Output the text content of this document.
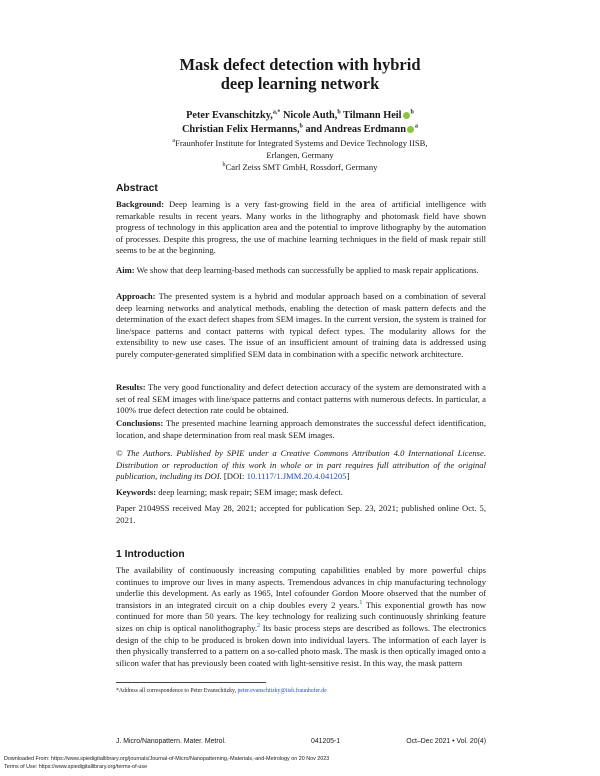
Mask defect detection with hybrid
deep learning network
Peter Evanschitzky,$^{a,*}$ Nicole Auth,$^b$ Tilmann Heil $^b$
Christian Felix Hermanns,$^b$ and Andreas Erdmann $^a$
$^a$Fraunhofer Institute for Integrated Systems and Device Technology IISB,
Erlangen, Germany
$^b$Carl Zeiss SMT GmbH, Rossdorf, Germany
Abstract
Background: Deep learning is a very fast-growing field in the area of artificial intelligence with remarkable results in recent years. Many works in the lithography and photomask field have shown progress of technology in this application area and the potential to improve lithography by the automation of processes. Despite this progress, the use of machine learning techniques in the field of mask repair still seems to be at the beginning.
Aim: We show that deep learning-based methods can successfully be applied to mask repair applications.
Approach: The presented system is a hybrid and modular approach based on a combination of several deep learning networks and analytical methods, enabling the detection of mask pattern defects and the determination of the exact defect shapes from SEM images. In the current version, the system is trained for line/space patterns and contact patterns with typical defect types. The modularity allows for the extensibility to new use cases. The issue of an insufficient amount of training data is addressed using purely computer-generated simplified SEM data in combination with a specific network architecture.
Results: The very good functionality and defect detection accuracy of the system are demonstrated with a set of real SEM images with line/space patterns and contact patterns with numerous defects. In particular, a 100% true defect detection rate could be obtained.
Conclusions: The presented machine learning approach demonstrates the successful defect identification, location, and shape determination from real mask SEM images.
© The Authors. Published by SPIE under a Creative Commons Attribution 4.0 International License. Distribution or reproduction of this work in whole or in part requires full attribution of the original publication, including its DOI. [DOI: 10.1117/1.JMM.20.4.041205]
Keywords: deep learning; mask repair; SEM image; mask defect.
Paper 21049SS received May 28, 2021; accepted for publication Sep. 23, 2021; published online Oct. 5, 2021.
1 Introduction
The availability of continuously increasing computing capabilities enabled by more powerful chips continues to improve our lives in many aspects. Tremendous advances in chip manufacturing technology underlie this development. As early as 1965, Intel cofounder Gordon Moore observed that the number of transistors in an integrated circuit on a chip doubles every 2 years.$^1$ This exponential growth has now continued for more than 50 years. The key technology for realizing such continuously shrinking feature sizes on chip is optical nanolithography.$^2$ Its basic process steps are described as follows. The electronics design of the chip to be produced is broken down into individual layers. The information of each layer is then physically transferred to a pattern on a so-called photo mask. The mask is then optically imaged onto a silicon wafer that has previously been coated with light-sensitive resist. In this way, the mask pattern
*Address all correspondence to Peter Evanschitzky, peter.evanschitzky@iisb.fraunhofer.de
J. Micro/Nanopattern. Mater. Metrol.	041205-1	Oct–Dec 2021 • Vol. 20(4)
Downloaded From: https://www.spiedigitallibrary.org/journals/Journal-of-Micro/Nanopatterning,-Materials,-and-Metrology on 20 Nov 2023
Terms of Use: https://www.spiedigitallibrary.org/terms-of-use
